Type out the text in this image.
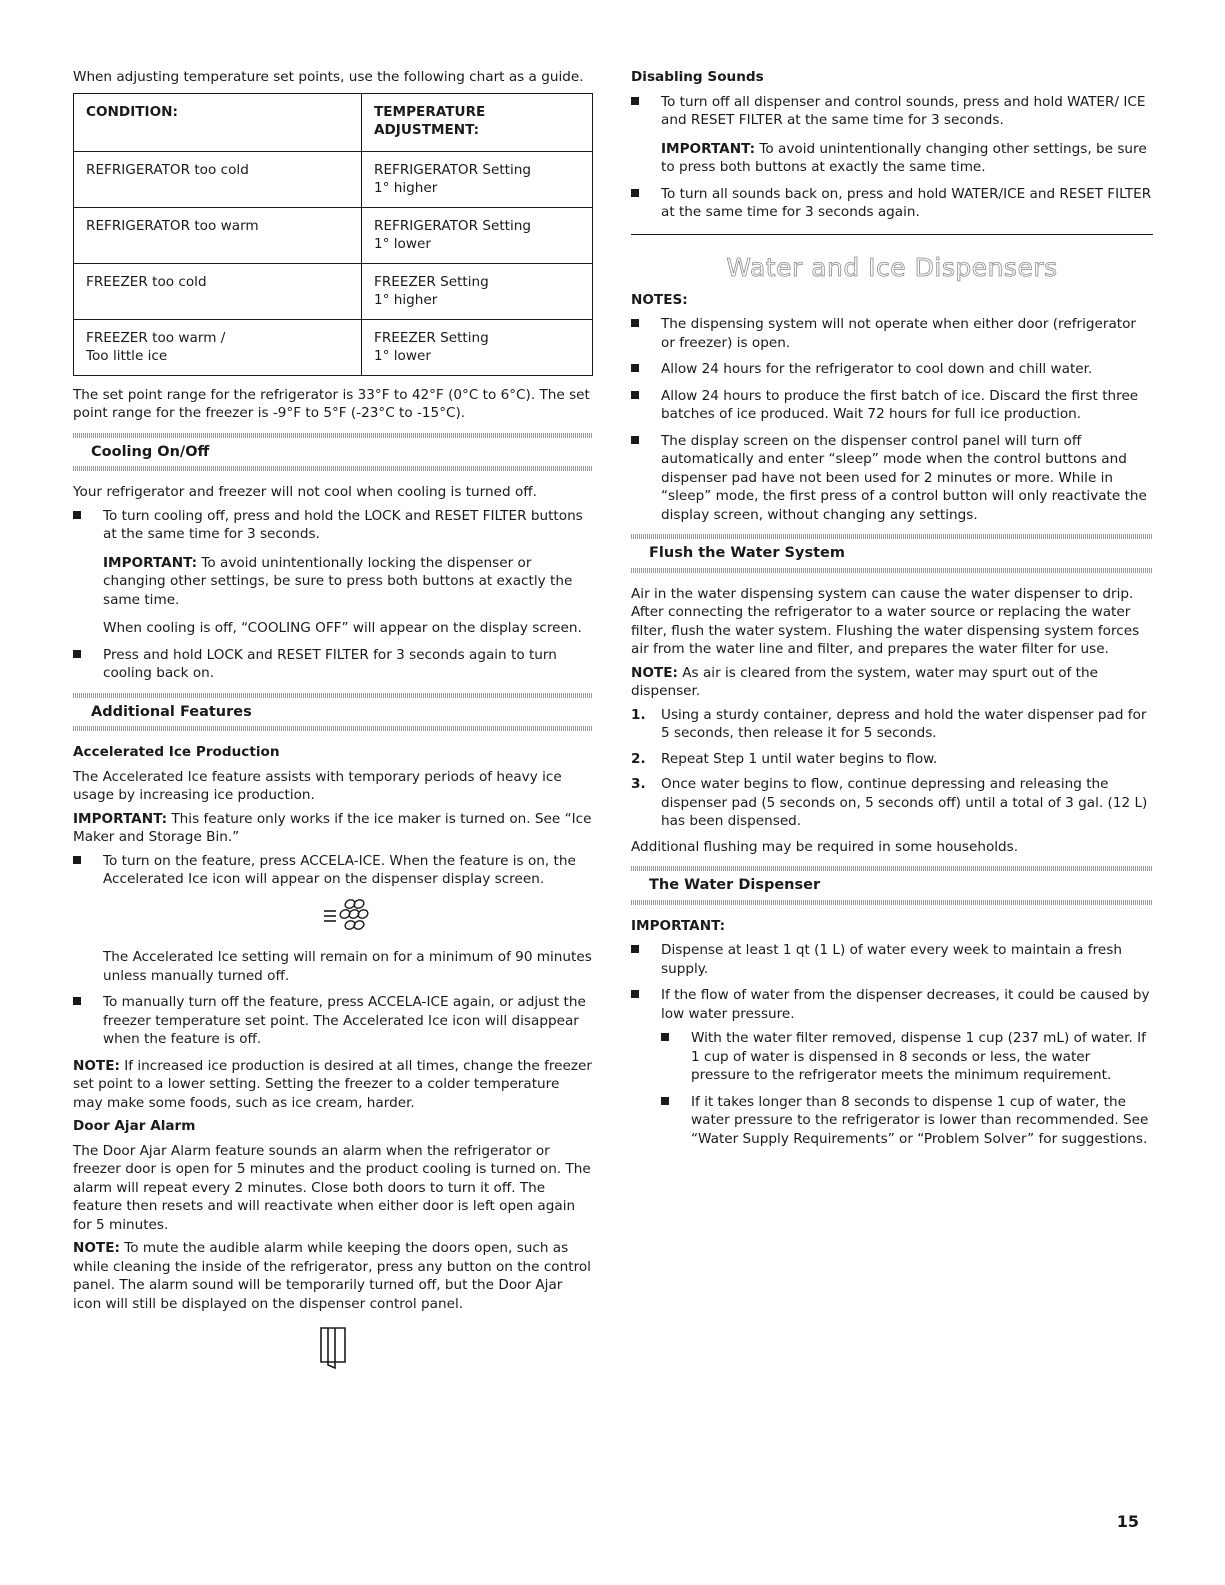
When adjusting temperature set points, use the following chart as a guide.

CONDITION:	TEMPERATURE
ADJUSTMENT:
REFRIGERATOR too cold	REFRIGERATOR Setting
1° higher
REFRIGERATOR too warm	REFRIGERATOR Setting
1° lower
FREEZER too cold	FREEZER Setting
1° higher
FREEZER too warm /
Too little ice	FREEZER Setting
1° lower

The set point range for the refrigerator is 33°F to 42°F (0°C to 6°C). The set point range for the freezer is -9°F to 5°F (-23°C to -15°C).

Cooling On/Off

Your refrigerator and freezer will not cool when cooling is turned off.

To turn cooling off, press and hold the LOCK and RESET FILTER buttons at the same time for 3 seconds.

IMPORTANT: To avoid unintentionally locking the dispenser or changing other settings, be sure to press both buttons at exactly the same time.

When cooling is off, “COOLING OFF” will appear on the display screen.

Press and hold LOCK and RESET FILTER for 3 seconds again to turn cooling back on.
Additional Features
Accelerated Ice Production

The Accelerated Ice feature assists with temporary periods of heavy ice usage by increasing ice production.

IMPORTANT: This feature only works if the ice maker is turned on. See “Ice Maker and Storage Bin.”

To turn on the feature, press ACCELA-ICE. When the feature is on, the Accelerated Ice icon will appear on the dispenser display screen.

The Accelerated Ice setting will remain on for a minimum of 90 minutes unless manually turned off.

To manually turn off the feature, press ACCELA-ICE again, or adjust the freezer temperature set point. The Accelerated Ice icon will disappear when the feature is off.

NOTE: If increased ice production is desired at all times, change the freezer set point to a lower setting. Setting the freezer to a colder temperature may make some foods, such as ice cream, harder.

Door Ajar Alarm

The Door Ajar Alarm feature sounds an alarm when the refrigerator or freezer door is open for 5 minutes and the product cooling is turned on. The alarm will repeat every 2 minutes. Close both doors to turn it off. The feature then resets and will reactivate when either door is left open again for 5 minutes.

NOTE: To mute the audible alarm while keeping the doors open, such as while cleaning the inside of the refrigerator, press any button on the control panel. The alarm sound will be temporarily turned off, but the Door Ajar icon will still be displayed on the dispenser control panel.

Disabling Sounds

To turn off all dispenser and control sounds, press and hold WATER/ ICE and RESET FILTER at the same time for 3 seconds.

IMPORTANT: To avoid unintentionally changing other settings, be sure to press both buttons at exactly the same time.

To turn all sounds back on, press and hold WATER/ICE and RESET FILTER at the same time for 3 seconds again.
Water and Ice Dispensers
NOTES:
The dispensing system will not operate when either door (refrigerator or freezer) is open.
Allow 24 hours for the refrigerator to cool down and chill water.
Allow 24 hours to produce the first batch of ice. Discard the first three batches of ice produced. Wait 72 hours for full ice production.
The display screen on the dispenser control panel will turn off automatically and enter “sleep” mode when the control buttons and dispenser pad have not been used for 2 minutes or more. While in “sleep” mode, the first press of a control button will only reactivate the display screen, without changing any settings.
Flush the Water System

Air in the water dispensing system can cause the water dispenser to drip. After connecting the refrigerator to a water source or replacing the water filter, flush the water system. Flushing the water dispensing system forces air from the water line and filter, and prepares the water filter for use.

NOTE: As air is cleared from the system, water may spurt out of the dispenser.

1. Using a sturdy container, depress and hold the water dispenser pad for 5 seconds, then release it for 5 seconds.
2. Repeat Step 1 until water begins to flow.
3. Once water begins to flow, continue depressing and releasing the dispenser pad (5 seconds on, 5 seconds off) until a total of 3 gal. (12 L) has been dispensed.

Additional flushing may be required in some households.

The Water Dispenser
IMPORTANT:
Dispense at least 1 qt (1 L) of water every week to maintain a fresh supply.

If the flow of water from the dispenser decreases, it could be caused by low water pressure.

With the water filter removed, dispense 1 cup (237 mL) of water. If 1 cup of water is dispensed in 8 seconds or less, the water pressure to the refrigerator meets the minimum requirement.
If it takes longer than 8 seconds to dispense 1 cup of water, the water pressure to the refrigerator is lower than recommended. See “Water Supply Requirements” or “Problem Solver” for suggestions.
15
